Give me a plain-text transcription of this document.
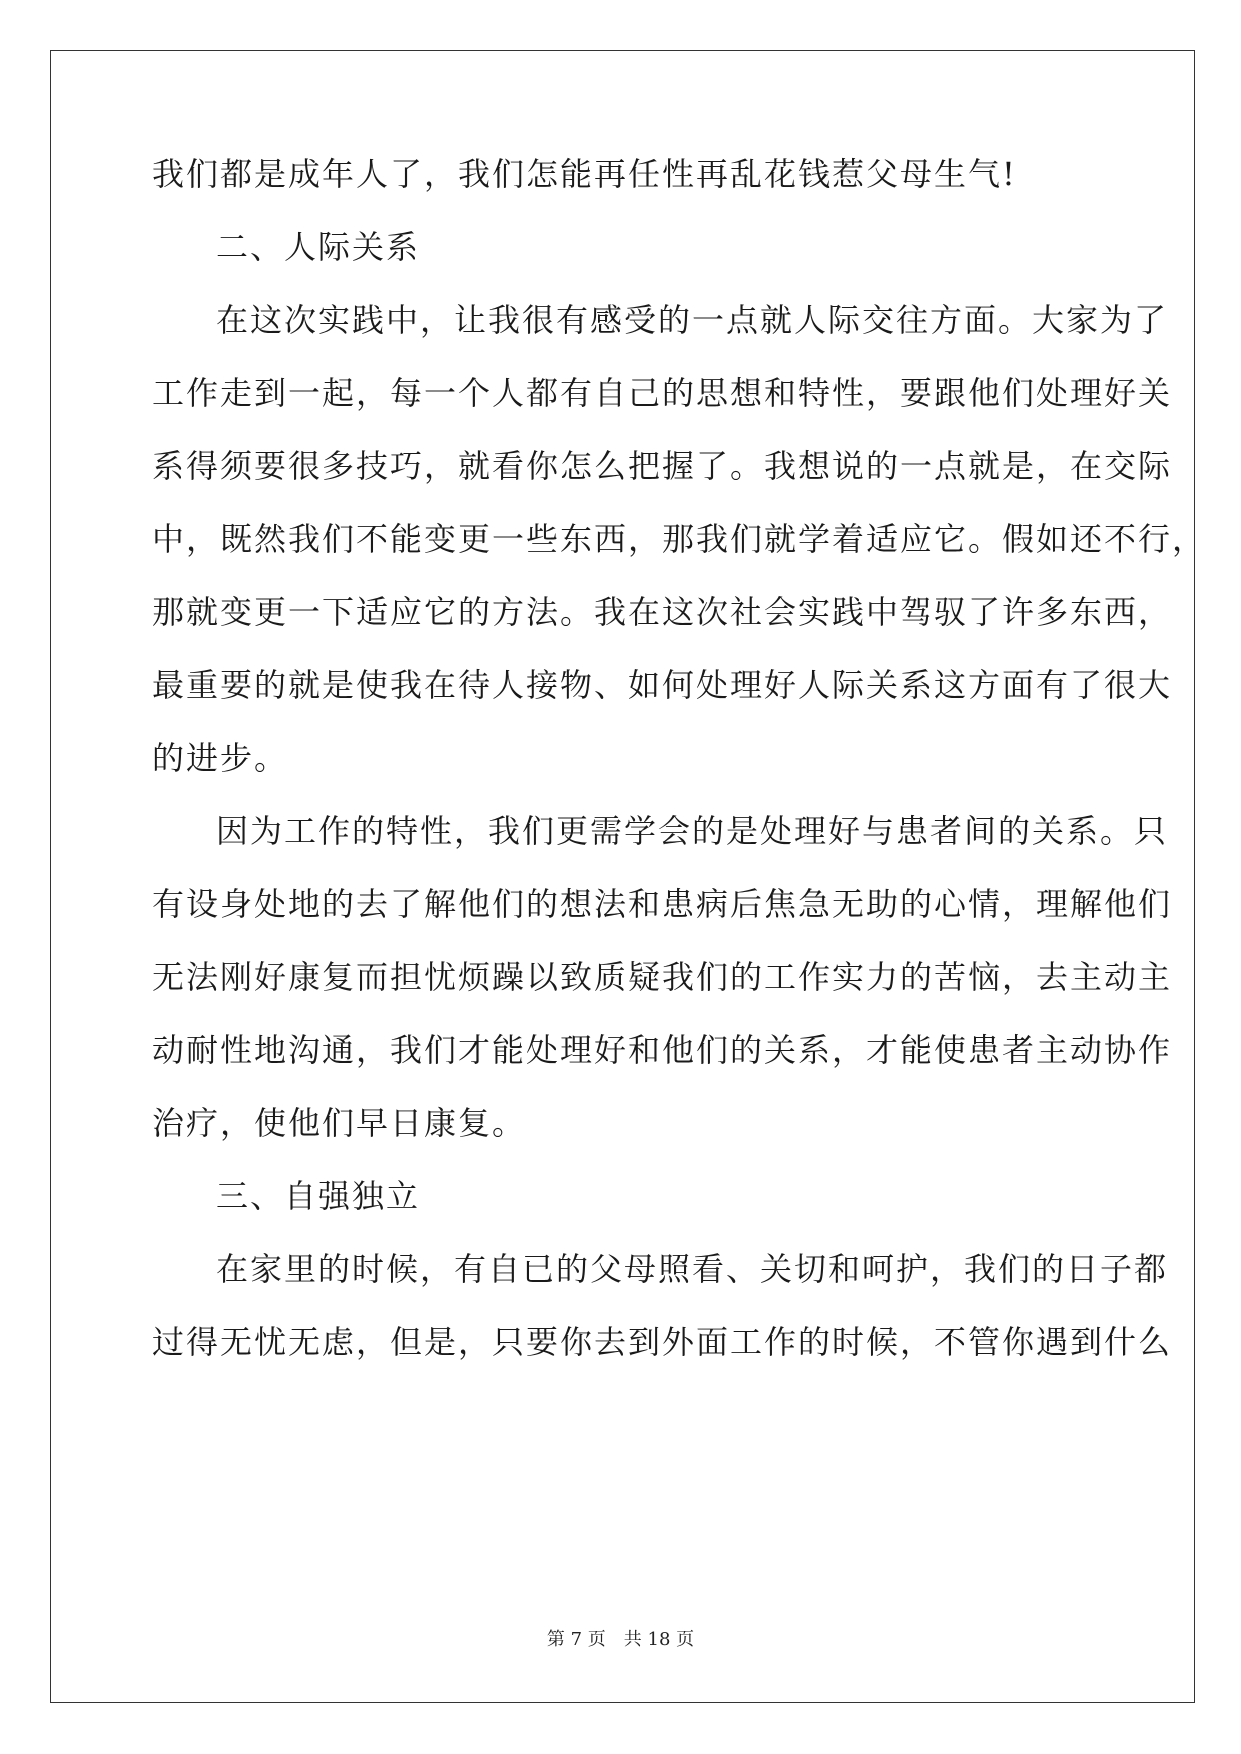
我们都是成年人了，我们怎能再任性再乱花钱惹父母生气!
二、人际关系
在这次实践中，让我很有感受的一点就人际交往方面。大家为了
工作走到一起，每一个人都有自己的思想和特性，要跟他们处理好关
系得须要很多技巧，就看你怎么把握了。我想说的一点就是，在交际
中，既然我们不能变更一些东西，那我们就学着适应它。假如还不行，
那就变更一下适应它的方法。我在这次社会实践中驾驭了许多东西，
最重要的就是使我在待人接物、如何处理好人际关系这方面有了很大
的进步。
因为工作的特性，我们更需学会的是处理好与患者间的关系。只
有设身处地的去了解他们的想法和患病后焦急无助的心情，理解他们
无法刚好康复而担忧烦躁以致质疑我们的工作实力的苦恼，去主动主
动耐性地沟通，我们才能处理好和他们的关系，才能使患者主动协作
治疗，使他们早日康复。
三、自强独立
在家里的时候，有自已的父母照看、关切和呵护，我们的日子都
过得无忧无虑，但是，只要你去到外面工作的时候，不管你遇到什么
第 7 页　共 18 页
